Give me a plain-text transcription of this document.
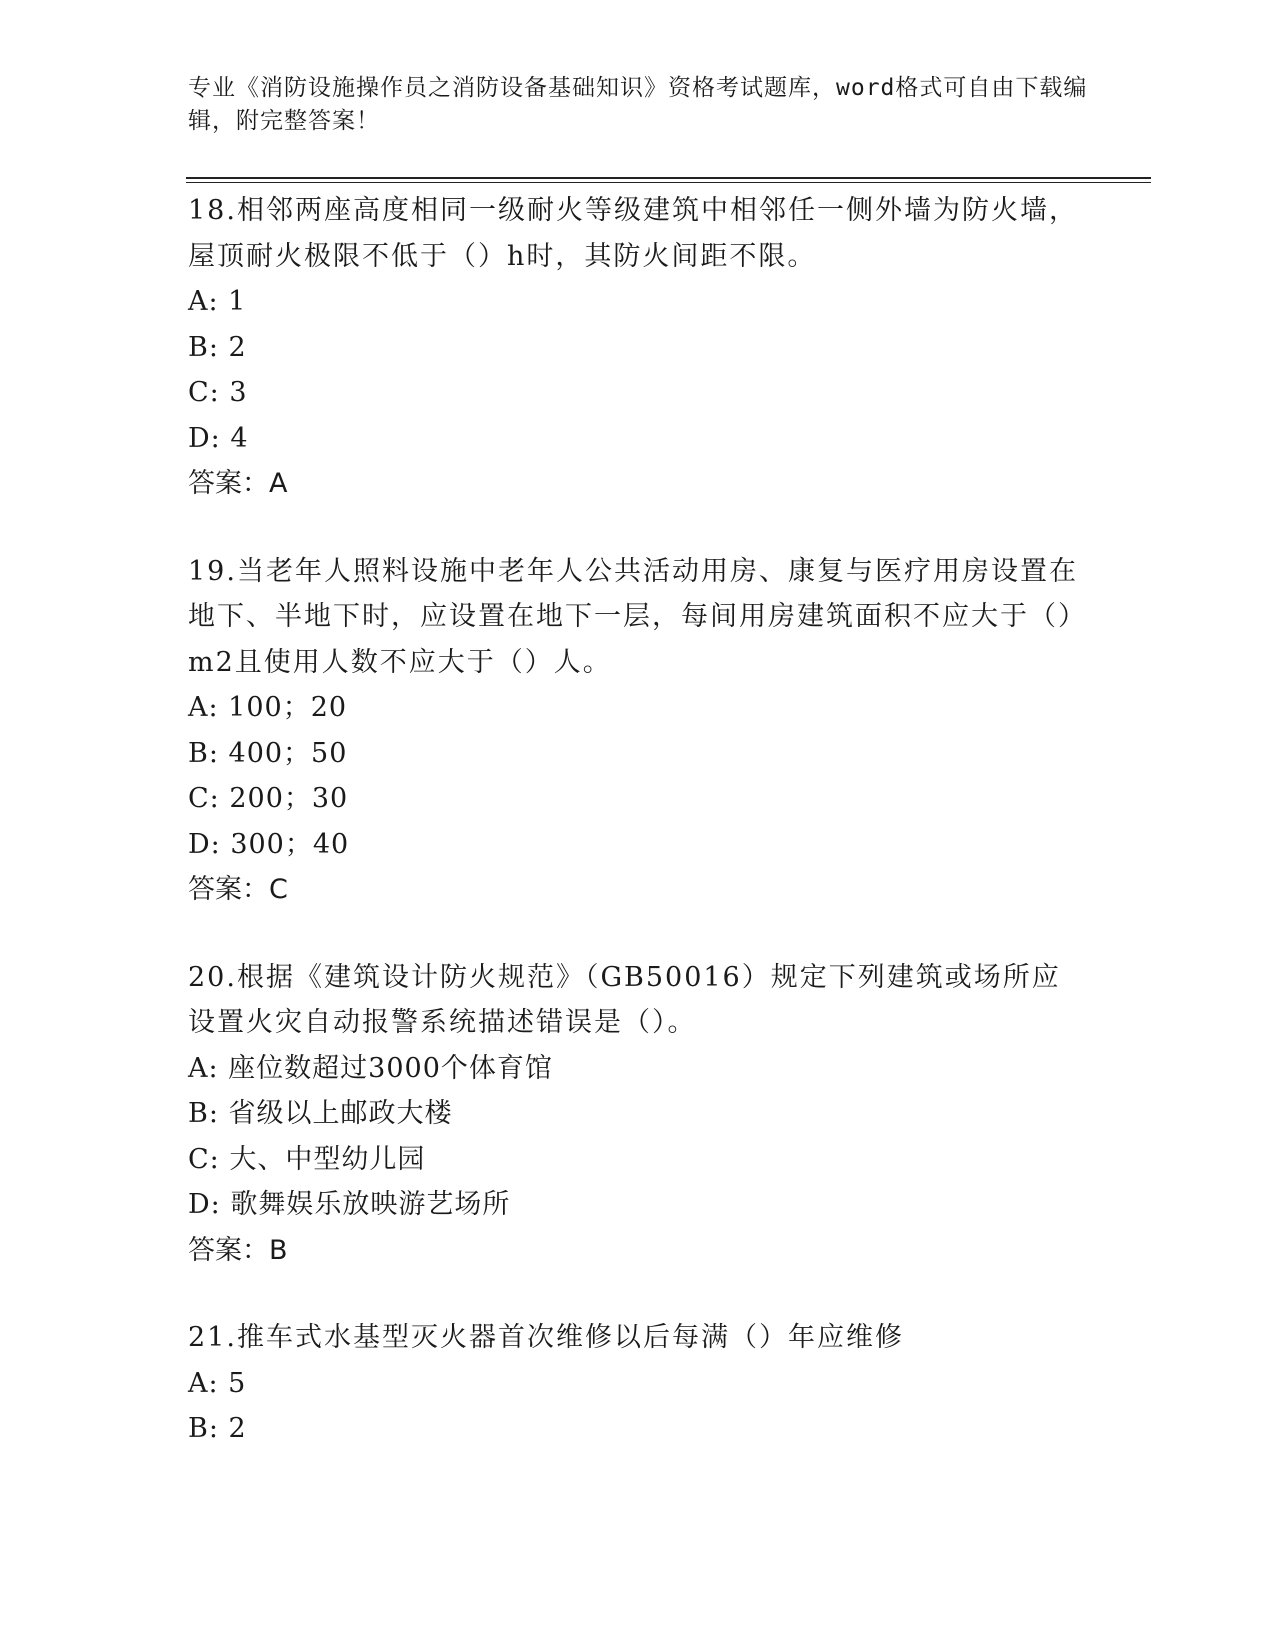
专业《消防设施操作员之消防设备基础知识》资格考试题库，word格式可自由下载编辑，附完整答案！
18.相邻两座高度相同一级耐火等级建筑中相邻任一侧外墙为防火墙，屋顶耐火极限不低于（）h时，其防火间距不限。
A: 1
B: 2
C: 3
D: 4
答案：A
19.当老年人照料设施中老年人公共活动用房、康复与医疗用房设置在地下、半地下时，应设置在地下一层，每间用房建筑面积不应大于（）m2且使用人数不应大于（）人。
A: 100；20
B: 400；50
C: 200；30
D: 300；40
答案：C
20.根据《建筑设计防火规范》（GB50016）规定下列建筑或场所应设置火灾自动报警系统描述错误是（）。
A: 座位数超过3000个体育馆
B: 省级以上邮政大楼
C: 大、中型幼儿园
D: 歌舞娱乐放映游艺场所
答案：B
21.推车式水基型灭火器首次维修以后每满（）年应维修
A: 5
B: 2
